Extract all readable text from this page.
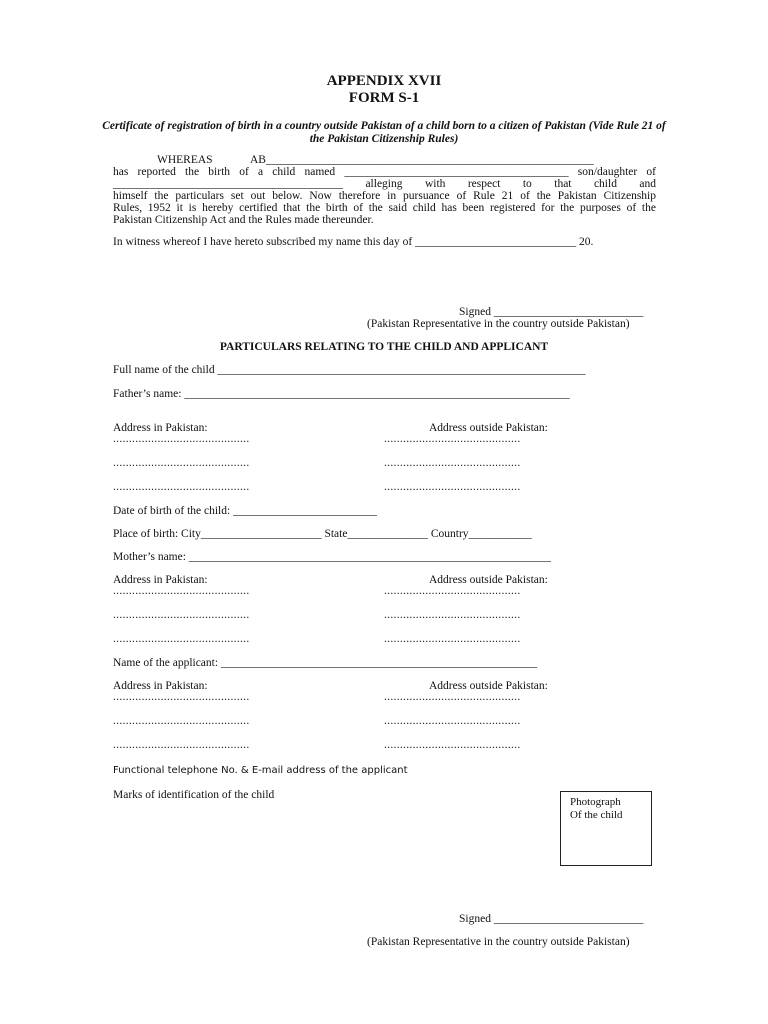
APPENDIX XVII
FORM S-1
Certificate of registration of birth in a country outside Pakistan of a child born to a citizen of Pakistan (Vide Rule 21 of the Pakistan Citizenship Rules)
WHEREAS	AB_________________________________________________________
has reported the birth of a child named _______________________________________ son/daughter of
________________________________________ alleging with respect to that child and
himself the particulars set out below. Now therefore in pursuance of Rule 21 of the Pakistan Citizenship
Rules, 1952 it is hereby certified that the birth of the said child has been registered for the purposes of the
Pakistan Citizenship Act and the Rules made thereunder.
In witness whereof I have hereto subscribed my name this day of ____________________________ 20.
Signed __________________________
(Pakistan Representative in the country outside Pakistan)
PARTICULARS RELATING TO THE CHILD AND APPLICANT
Full name of the child ________________________________________________________________
Father’s name: ___________________________________________________________________
Address in Pakistan:	Address outside Pakistan:
...........................................	...........................................
...........................................	...........................................
...........................................	...........................................
Date of birth of the child: _________________________
Place of birth: City_____________________ State______________ Country___________
Mother’s name: _______________________________________________________________
Address in Pakistan:	Address outside Pakistan:
...........................................	...........................................
...........................................	...........................................
...........................................	...........................................
Name of the applicant: _______________________________________________________
Address in Pakistan:	Address outside Pakistan:
...........................................	...........................................
...........................................	...........................................
...........................................	...........................................
Functional telephone No. & E-mail address of the applicant
Marks of identification of the child
Photograph
Of the child
Signed __________________________
(Pakistan Representative in the country outside Pakistan)
